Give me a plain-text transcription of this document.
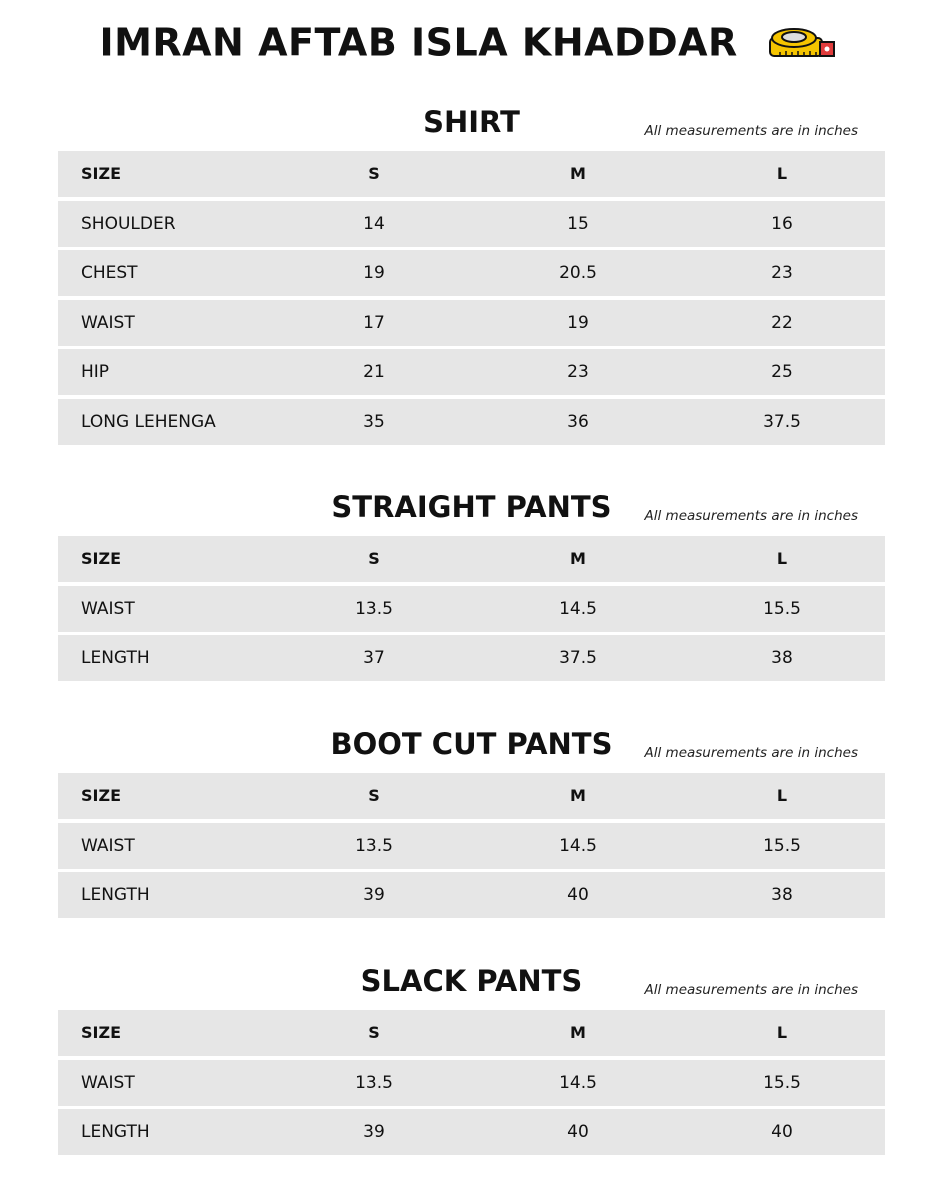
IMRAN AFTAB ISLA KHADDAR
SHIRT	All measurements are in inches
SIZE	S	M	L
SHOULDER	14	15	16
CHEST	19	20.5	23
WAIST	17	19	22
HIP	21	23	25
LONG LEHENGA	35	36	37.5
STRAIGHT PANTS	All measurements are in inches
SIZE	S	M	L
WAIST	13.5	14.5	15.5
LENGTH	37	37.5	38
BOOT CUT PANTS	All measurements are in inches
SIZE	S	M	L
WAIST	13.5	14.5	15.5
LENGTH	39	40	38
SLACK PANTS	All measurements are in inches
SIZE	S	M	L
WAIST	13.5	14.5	15.5
LENGTH	39	40	40
